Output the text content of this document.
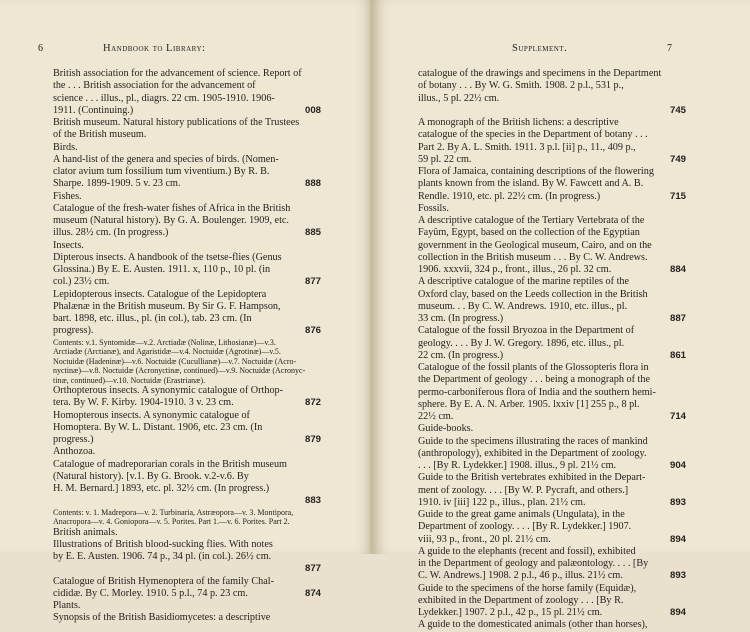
6	Handbook to Library:
British association for the advancement of science. Report of
the . . . British association for the advancement of
science . . . illus., pl., diagrs. 22 cm. 1905-1910. 1906-
008
1911. (Continuing.)
British museum. Natural history publications of the Trustees
of the British museum.
Birds.
A hand-list of the genera and species of birds. (Nomen-
clator avium tum fossilium tum viventium.) By R. B.
888
Sharpe. 1899-1909. 5 v. 23 cm.
Fishes.
Catalogue of the fresh-water fishes of Africa in the British
museum (Natural history). By G. A. Boulenger. 1909, etc.
885
illus. 28½ cm. (In progress.)
Insects.
Dipterous insects. A handbook of the tsetse-flies (Genus
Glossina.) By E. E. Austen. 1911. x, 110 p., 10 pl. (in
877
col.) 23½ cm.
Lepidopterous insects. Catalogue of the Lepidoptera
Phalænæ in the British museum. By Sir G. F. Hampson,
bart. 1898, etc. illus., pl. (in col.), tab. 23 cm. (In
876
progress).
Contents: v.1. Syntomidæ—v.2. Arctiadæ (Nolinæ, Lithosianæ)—v.3.
Arctiadæ (Arctianæ), and Agaristidæ—v.4. Noctuidæ (Agrotinæ)—v.5.
Noctuidæ (Hadeninæ)—v.6. Noctuidæ (Cucullianæ)—v.7. Noctuidæ (Acro-
nyctinæ)—v.8. Noctuidæ (Acronyctinæ, continued)—v.9. Noctuidæ (Acronyc-
tinæ, continued)—v.10. Noctuidæ (Erastrianæ).
Orthopterous insects. A synonymic catalogue of Orthop-
872
tera. By W. F. Kirby. 1904-1910. 3 v. 23 cm.
Homopterous insects. A synonymic catalogue of
Homoptera. By W. L. Distant. 1906, etc. 23 cm. (In
879
progress.)
Anthozoa.
Catalogue of madreporarian corals in the British museum
(Natural history). [v.1. By G. Brook. v.2-v.6. By
H. M. Bernard.] 1893, etc. pl. 32½ cm. (In progress.)
883
Contents: v. 1. Madrepora—v. 2. Turbinaria, Astræopora—v. 3. Montipora,
Anacropora—v. 4. Goniopora—v. 5. Porites. Part 1.—v. 6. Porites. Part 2.
British animals.
Illustrations of British blood-sucking flies. With notes
by E. E. Austen. 1906. 74 p., 34 pl. (in col.). 26½ cm.
877
Catalogue of British Hymenoptera of the family Chal-
874
cididæ. By C. Morley. 1910. 5 p.l., 74 p. 23 cm.
Plants.
Synopsis of the British Basidiomycetes: a descriptive
Supplement.	7
catalogue of the drawings and specimens in the Department
of botany . . . By W. G. Smith. 1908. 2 p.l., 531 p.,
illus., 5 pl. 22½ cm.
745
A monograph of the British lichens: a descriptive
catalogue of the species in the Department of botany . . .
Part 2. By A. L. Smith. 1911. 3 p.l. [ii] p., 11., 409 p.,
749
59 pl. 22 cm.
Flora of Jamaica, containing descriptions of the flowering
plants known from the island. By W. Fawcett and A. B.
715
Rendle. 1910, etc. pl. 22½ cm. (In progress.)
Fossils.
A descriptive catalogue of the Tertiary Vertebrata of the
Fayûm, Egypt, based on the collection of the Egyptian
government in the Geological museum, Cairo, and on the
collection in the British museum . . . By C. W. Andrews.
884
1906. xxxvii, 324 p., front., illus., 26 pl. 32 cm.
A descriptive catalogue of the marine reptiles of the
Oxford clay, based on the Leeds collection in the British
museum. . . By C. W. Andrews. 1910, etc. illus., pl.
887
33 cm. (In progress.)
Catalogue of the fossil Bryozoa in the Department of
geology. . . . By J. W. Gregory. 1896, etc. illus., pl.
861
22 cm. (In progress.)
Catalogue of the fossil plants of the Glossopteris flora in
the Department of geology . . . being a monograph of the
permo-carboniferous flora of India and the southern hemi-
sphere. By E. A. N. Arber. 1905. lxxiv [1] 255 p., 8 pl.
714
22½ cm.
Guide-books.
Guide to the specimens illustrating the races of mankind
(anthropology), exhibited in the Department of zoology.
904
. . . [By R. Lydekker.] 1908. illus., 9 pl. 21½ cm.
Guide to the British vertebrates exhibited in the Depart-
ment of zoology. . . . [By W. P. Pycraft, and others.]
893
1910. iv [iii] 122 p., illus., plan. 21½ cm.
Guide to the great game animals (Ungulata), in the
Department of zoology. . . . [By R. Lydekker.] 1907.
894
viii, 93 p., front., 20 pl. 21½ cm.
A guide to the elephants (recent and fossil), exhibited
in the Department of geology and palæontology. . . . [By
893
C. W. Andrews.] 1908. 2 p.l., 46 p., illus. 21½ cm.
Guide to the specimens of the horse family (Equidæ),
exhibited in the Department of zoology . . . [By R.
894
Lydekker.] 1907. 2 p.l., 42 p., 15 pl. 21½ cm.
A guide to the domesticated animals (other than horses),
